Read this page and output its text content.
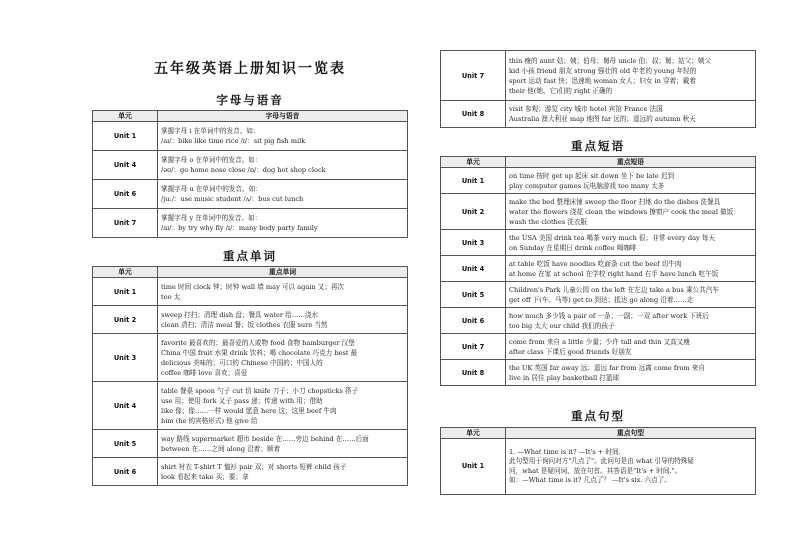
五年级英语上册知识一览表
字母与语音
单元	字母与语音
Unit 1	掌握字母 i 在单词中的发音。如：
/aɪ/：bike like time rice /ɪ/：sit pig fish milk

Unit 4	掌握字母 o 在单词中的发音。如：
/əʊ/：go home nose close /ɒ/：dog hot shop clock

Unit 6	掌握字母 u 在单词中的发音。如：
/juː/：use music student /ʌ/：bus cut lunch

Unit 7	掌握字母 y 在单词中的发音。如：
/aɪ/：by try why fly /ɪ/：many body party family
重点单词
单元	重点单词
Unit 1	time 时间 clock 钟；时钟 wall 墙 may 可以 again 又；再次
too 太

Unit 2	sweep 打扫；清理 dish 盘；餐具 water 给……浇水
clean 清扫；清洁 meal 餐；饭 clothes 衣服 sure 当然

Unit 3	favorite 最喜欢的；最喜爱的人或物 food 食物 hamburger 汉堡
China 中国 fruit 水果 drink 饮料；喝 chocolate 巧克力 best 最
delicious 美味的；可口的 Chinese 中国的；中国人的
coffee 咖啡 love 喜欢；喜爱

Unit 4	table 餐桌 spoon 勺子 cut 切 knife 刀子；小刀 chopsticks 筷子
use 用；使用 fork 叉子 pass 递；传递 with 用；借助
like 像；像……一样 would 愿意 here 这；这里 beef 牛肉
him (he 的宾格形式) 他 give 给

Unit 5	way 路线 supermarket 超市 beside 在……旁边 behind 在……后面
between 在……之间 along 沿着；顺着

Unit 6	shirt 衬衣 T-shirt T 恤衫 pair 双；对 shorts 短裤 child 孩子
look 看起来 take 买；要；拿
Unit 7	thin 瘦的 aunt 姑；姨；伯母；舅母 uncle 伯；叔；舅；姑父；姨父
kid 小孩 friend 朋友 strong 强壮的 old 年老的 young 年轻的
sport 运动 fast 快；迅速地 woman 女人；妇女 in 穿着；戴着
their 他(她、它)们的 right 正确的

Unit 8	visit 参观；游览 city 城市 hotel 宾馆 France 法国
Australia 澳大利亚 map 地图 far 远的；遥远的 autumn 秋天
重点短语
单元	重点短语
Unit 1	on time 按时 get up 起床 sit down 坐下 be late 迟到
play computer games 玩电脑游戏 too many 太多

Unit 2	make the bed 整理床铺 sweep the floor 扫地 do the dishes 洗餐具
water the flowers 浇花 clean the windows 擦窗户 cook the meal 做饭
wash the clothes 洗衣服

Unit 3	the USA 美国 drink tea 喝茶 very much 很；非常 every day 每天
on Sunday 在星期日 drink coffee 喝咖啡

Unit 4	at table 吃饭 have noodles 吃面条 cut the beef 切牛肉
at home 在家 at school 在学校 right hand 右手 have lunch 吃午饭

Unit 5	Children's Park 儿童公园 on the left 在左边 take a bus 乘公共汽车
get off 下(车、马等) get to 到达；抵达 go along 沿着……走

Unit 6	how much 多少钱 a pair of 一条；一副；一双 after work 下班后
too big 太大 our child 我们的孩子

Unit 7	come from 来自 a little 少量；少许 tall and thin 又高又瘦
after class 下课后 good friends 好朋友

Unit 8	the UK 英国 far away 远；遥远 far from 远离 come from 来自
live in 居住 play basketball 打篮球
重点句型
单元	重点句型
Unit 1	1. —What time is it? —It's + 时间.
此句型用于询问对方"几点了"。此问句是由 what 引导的特殊疑
问，what 是疑问词，放在句首。其答语是"It's + 时间."。
如：—What time is it? 几点了？ —It's six. 六点了。
